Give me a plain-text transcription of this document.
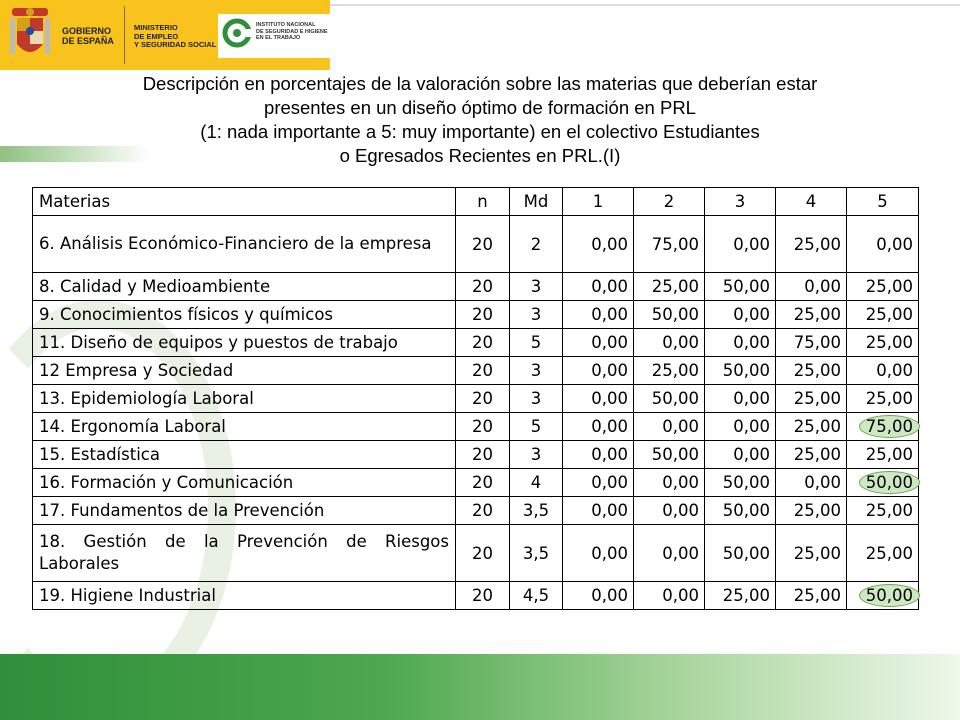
GOBIERNO
DE ESPAÑA
MINISTERIO
DE EMPLEO
Y SEGURIDAD SOCIAL
INSTITUTO NACIONAL
DE SEGURIDAD E HIGIENE
EN EL TRABAJO
Descripción en porcentajes de la valoración sobre las materias que deberían estar
presentes en un diseño óptimo de formación en PRL
(1: nada importante a 5: muy importante) en el colectivo Estudiantes
o Egresados Recientes en PRL.(I)
Materias	n	Md	1	2	3	4	5
6. Análisis Económico-Financiero de la empresa	20	2	0,00	75,00	0,00	25,00	0,00
8. Calidad y Medioambiente	20	3	0,00	25,00	50,00	0,00	25,00
9. Conocimientos físicos y químicos	20	3	0,00	50,00	0,00	25,00	25,00
11. Diseño de equipos y puestos de trabajo	20	5	0,00	0,00	0,00	75,00	25,00
12 Empresa y Sociedad	20	3	0,00	25,00	50,00	25,00	0,00
13. Epidemiología Laboral	20	3	0,00	50,00	0,00	25,00	25,00
14. Ergonomía Laboral	20	5	0,00	0,00	0,00	25,00	75,00
15. Estadística	20	3	0,00	50,00	0,00	25,00	25,00
16. Formación y Comunicación	20	4	0,00	0,00	50,00	0,00	50,00
17. Fundamentos de la Prevención	20	3,5	0,00	0,00	50,00	25,00	25,00
18. Gestión de la Prevención de Riesgos Laborales	20	3,5	0,00	0,00	50,00	25,00	25,00
19. Higiene Industrial	20	4,5	0,00	0,00	25,00	25,00	50,00
